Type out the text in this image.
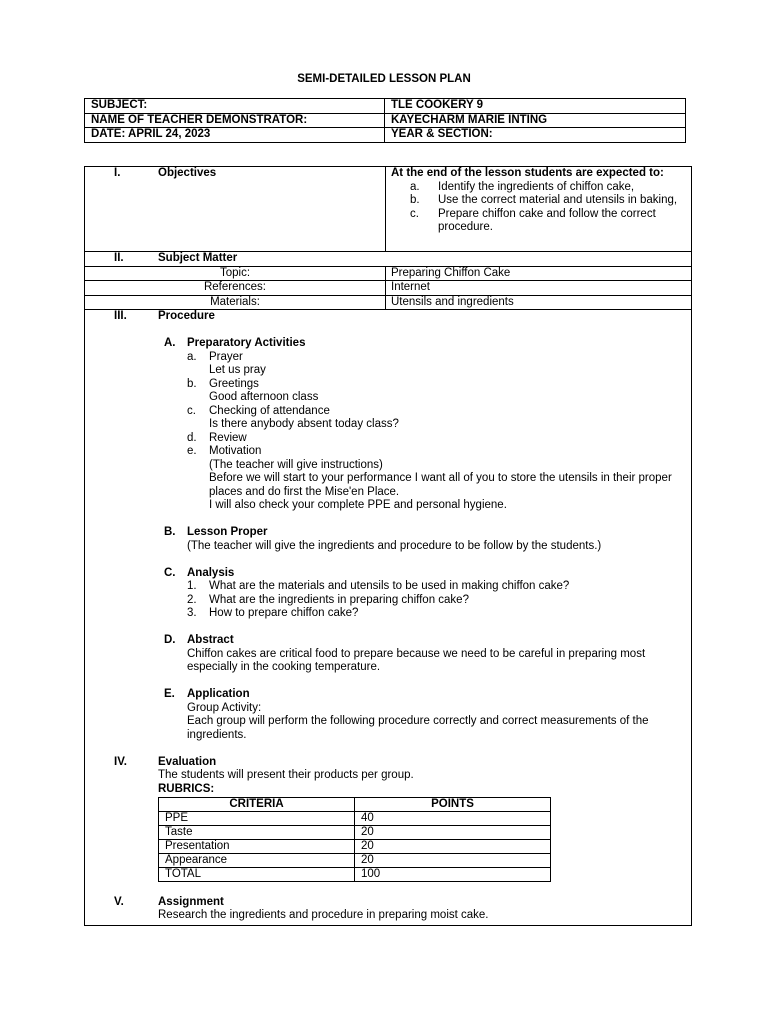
SEMI-DETAILED LESSON PLAN
SUBJECT:	TLE COOKERY 9
NAME OF TEACHER DEMONSTRATOR:	KAYECHARM MARIE INTING
DATE: APRIL 24, 2023	YEAR & SECTION:
I.	Objectives	At the end of the lesson students are expected to:
a.	Identify the ingredients of chiffon cake,
b.	Use the correct material and utensils in baking,
c.	Prepare chiffon cake and follow the correct procedure.

II.	Subject Matter
Topic:	Preparing Chiffon Cake
References:	Internet
Materials:	Utensils and ingredients

III.	Procedure
A.	Preparatory Activities
a.	Prayer
Let us pray
b.	Greetings
Good afternoon class
c.	Checking of attendance
Is there anybody absent today class?
d.	Review
e.	Motivation
(The teacher will give instructions)
Before we will start to your performance I want all of you to store the utensils in their proper places and do first the Mise'en Place.
I will also check your complete PPE and personal hygiene.
B.	Lesson Proper
(The teacher will give the ingredients and procedure to be follow by the students.)
C.	Analysis
1.	What are the materials and utensils to be used in making chiffon cake?
2.	What are the ingredients in preparing chiffon cake?
3.	How to prepare chiffon cake?
D.	Abstract
Chiffon cakes are critical food to prepare because we need to be careful in preparing most especially in the cooking temperature.
E.	Application
Group Activity:
Each group will perform the following procedure correctly and correct measurements of the ingredients.
IV.	Evaluation
The students will present their products per group.
RUBRICS:
CRITERIA	POINTS
PPE	40
Taste	20
Presentation	20
Appearance	20
TOTAL	100
V.	Assignment
Research the ingredients and procedure in preparing moist cake.
